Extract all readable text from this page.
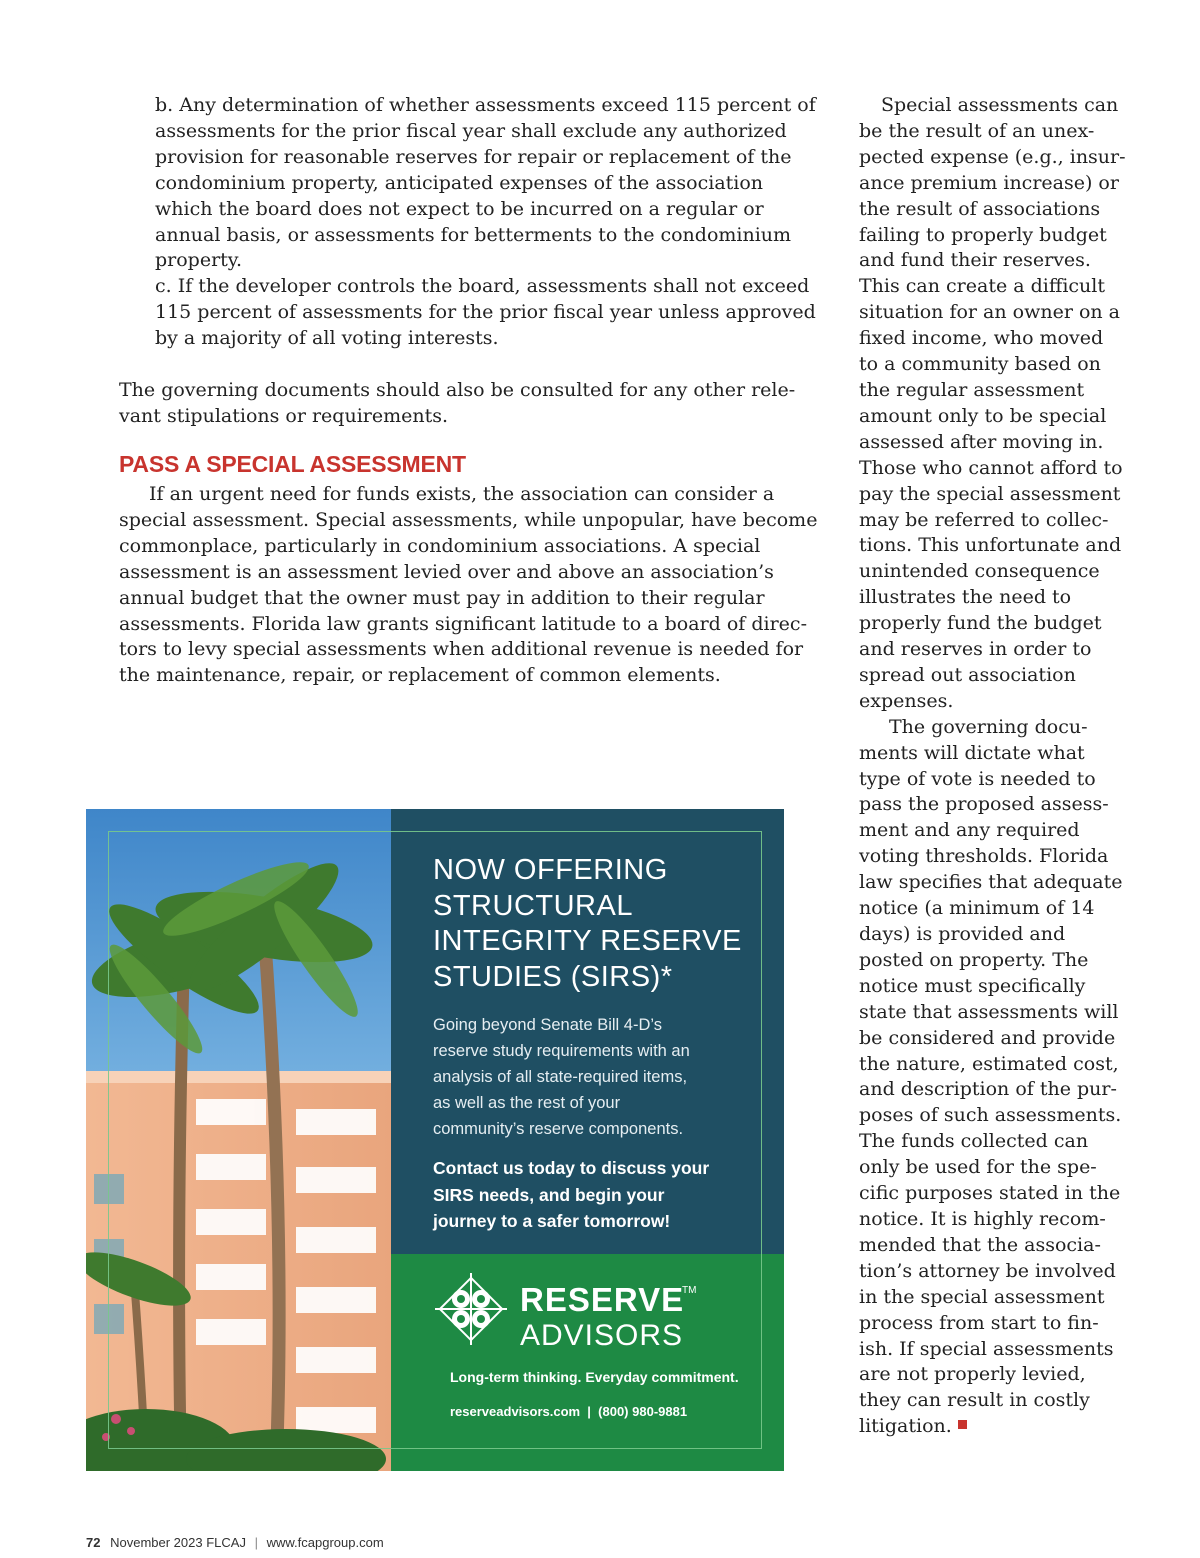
b. Any determination of whether assessments exceed 115 percent of
assessments for the prior fiscal year shall exclude any authorized
provision for reasonable reserves for repair or replacement of the
condominium property, anticipated expenses of the association
which the board does not expect to be incurred on a regular or
annual basis, or assessments for betterments to the condominium
property.
c. If the developer controls the board, assessments shall not exceed
115 percent of assessments for the prior fiscal year unless approved
by a majority of all voting interests.
The governing documents should also be consulted for any other rele-
vant stipulations or requirements.
PASS A SPECIAL ASSESSMENT
If an urgent need for funds exists, the association can consider a
special assessment. Special assessments, while unpopular, have become
commonplace, particularly in condominium associations. A special
assessment is an assessment levied over and above an association’s
annual budget that the owner must pay in addition to their regular
assessments. Florida law grants significant latitude to a board of direc-
tors to levy special assessments when additional revenue is needed for
the maintenance, repair, or replacement of common elements.
Special assessments can
be the result of an unex-
pected expense (e.g., insur-
ance premium increase) or
the result of associations
failing to properly budget
and fund their reserves.
This can create a difficult
situation for an owner on a
fixed income, who moved
to a community based on
the regular assessment
amount only to be special
assessed after moving in.
Those who cannot afford to
pay the special assessment
may be referred to collec-
tions. This unfortunate and
unintended consequence
illustrates the need to
properly fund the budget
and reserves in order to
spread out association
expenses.
The governing docu-
ments will dictate what
type of vote is needed to
pass the proposed assess-
ment and any required
voting thresholds. Florida
law specifies that adequate
notice (a minimum of 14
days) is provided and
posted on property. The
notice must specifically
state that assessments will
be considered and provide
the nature, estimated cost,
and description of the pur-
poses of such assessments.
The funds collected can
only be used for the spe-
cific purposes stated in the
notice. It is highly recom-
mended that the associa-
tion’s attorney be involved
in the special assessment
process from start to fin-
ish. If special assessments
are not properly levied,
they can result in costly
litigation.
NOW OFFERING
STRUCTURAL
INTEGRITY RESERVE
STUDIES (SIRS)*
Going beyond Senate Bill 4-D’s
reserve study requirements with an
analysis of all state-required items,
as well as the rest of your
community’s reserve components.
Contact us today to discuss your
SIRS needs, and begin your
journey to a safer tomorrow!
RESERVE
TM
ADVISORS
Long-term thinking. Everyday commitment.
reserveadvisors.com  |  (800) 980-9881
72 November 2023 FLCAJ | www.fcapgroup.com
